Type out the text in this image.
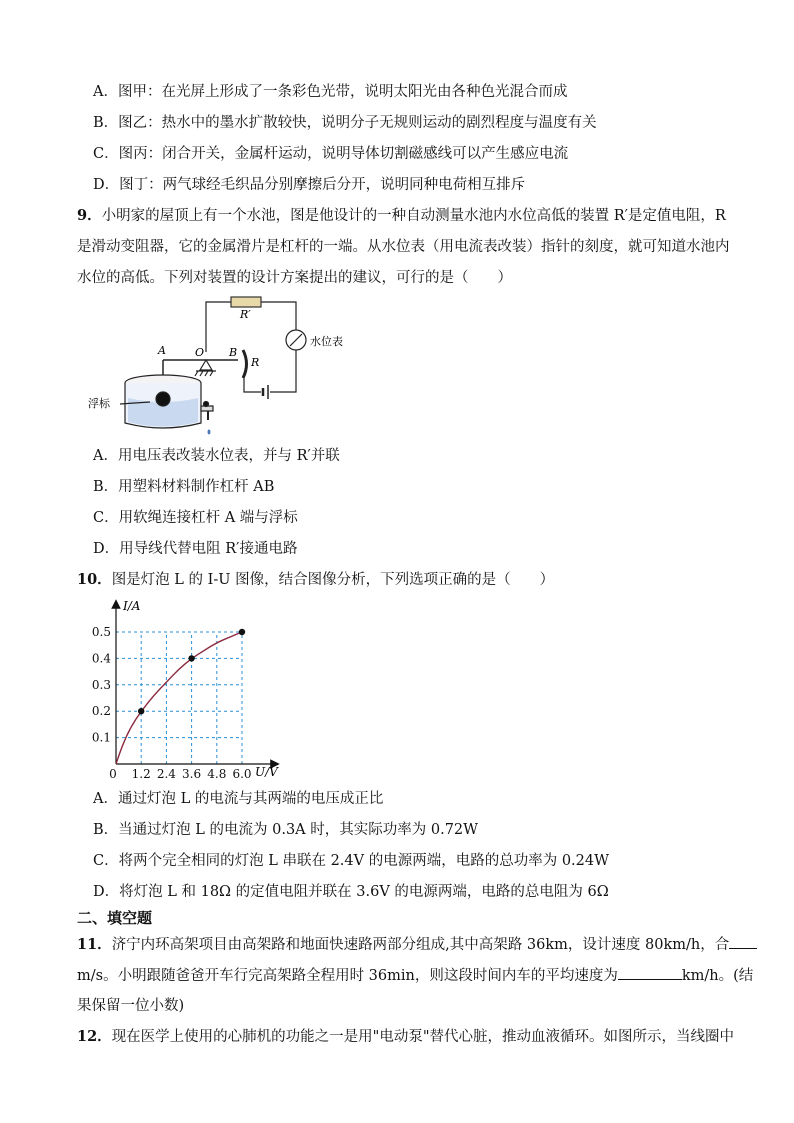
A．图甲：在光屏上形成了一条彩色光带，说明太阳光由各种色光混合而成
B．图乙：热水中的墨水扩散较快，说明分子无规则运动的剧烈程度与温度有关
C．图丙：闭合开关，金属杆运动，说明导体切割磁感线可以产生感应电流
D．图丁：两气球经毛织品分别摩擦后分开，说明同种电荷相互排斥
9．小明家的屋顶上有一个水池，图是他设计的一种自动测量水池内水位高低的装置 R′是定值电阻，R
是滑动变阻器，它的金属滑片是杠杆的一端。从水位表（用电流表改装）指针的刻度，就可知道水池内
水位的高低。下列对装置的设计方案提出的建议，可行的是（　　）
R′
水位表
A	O B
R
浮标
A．用电压表改装水位表，并与 R′并联
B．用塑料材料制作杠杆 AB
C．用软绳连接杠杆 A 端与浮标
D．用导线代替电阻 R′接通电路
10．图是灯泡 L 的 I-U 图像，结合图像分析，下列选项正确的是（　　）
0 1.2 2.4 3.6 4.8 6.0
0.1
0.2
0.3
0.4
0.5
I/A
U/V
A．通过灯泡 L 的电流与其两端的电压成正比
B．当通过灯泡 L 的电流为 0.3A 时，其实际功率为 0.72W
C．将两个完全相同的灯泡 L 串联在 2.4V 的电源两端，电路的总功率为 0.24W
D．将灯泡 L 和 18Ω 的定值电阻并联在 3.6V 的电源两端，电路的总电阻为 6Ω
二、填空题
11．济宁内环高架项目由高架路和地面快速路两部分组成,其中高架路 36km，设计速度 80km/h，合
m/s。小明跟随爸爸开车行完高架路全程用时 36min，则这段时间内车的平均速度为	km/h。(结
果保留一位小数)
12．现在医学上使用的心肺机的功能之一是用"电动泵"替代心脏，推动血液循环。如图所示，当线圈中
